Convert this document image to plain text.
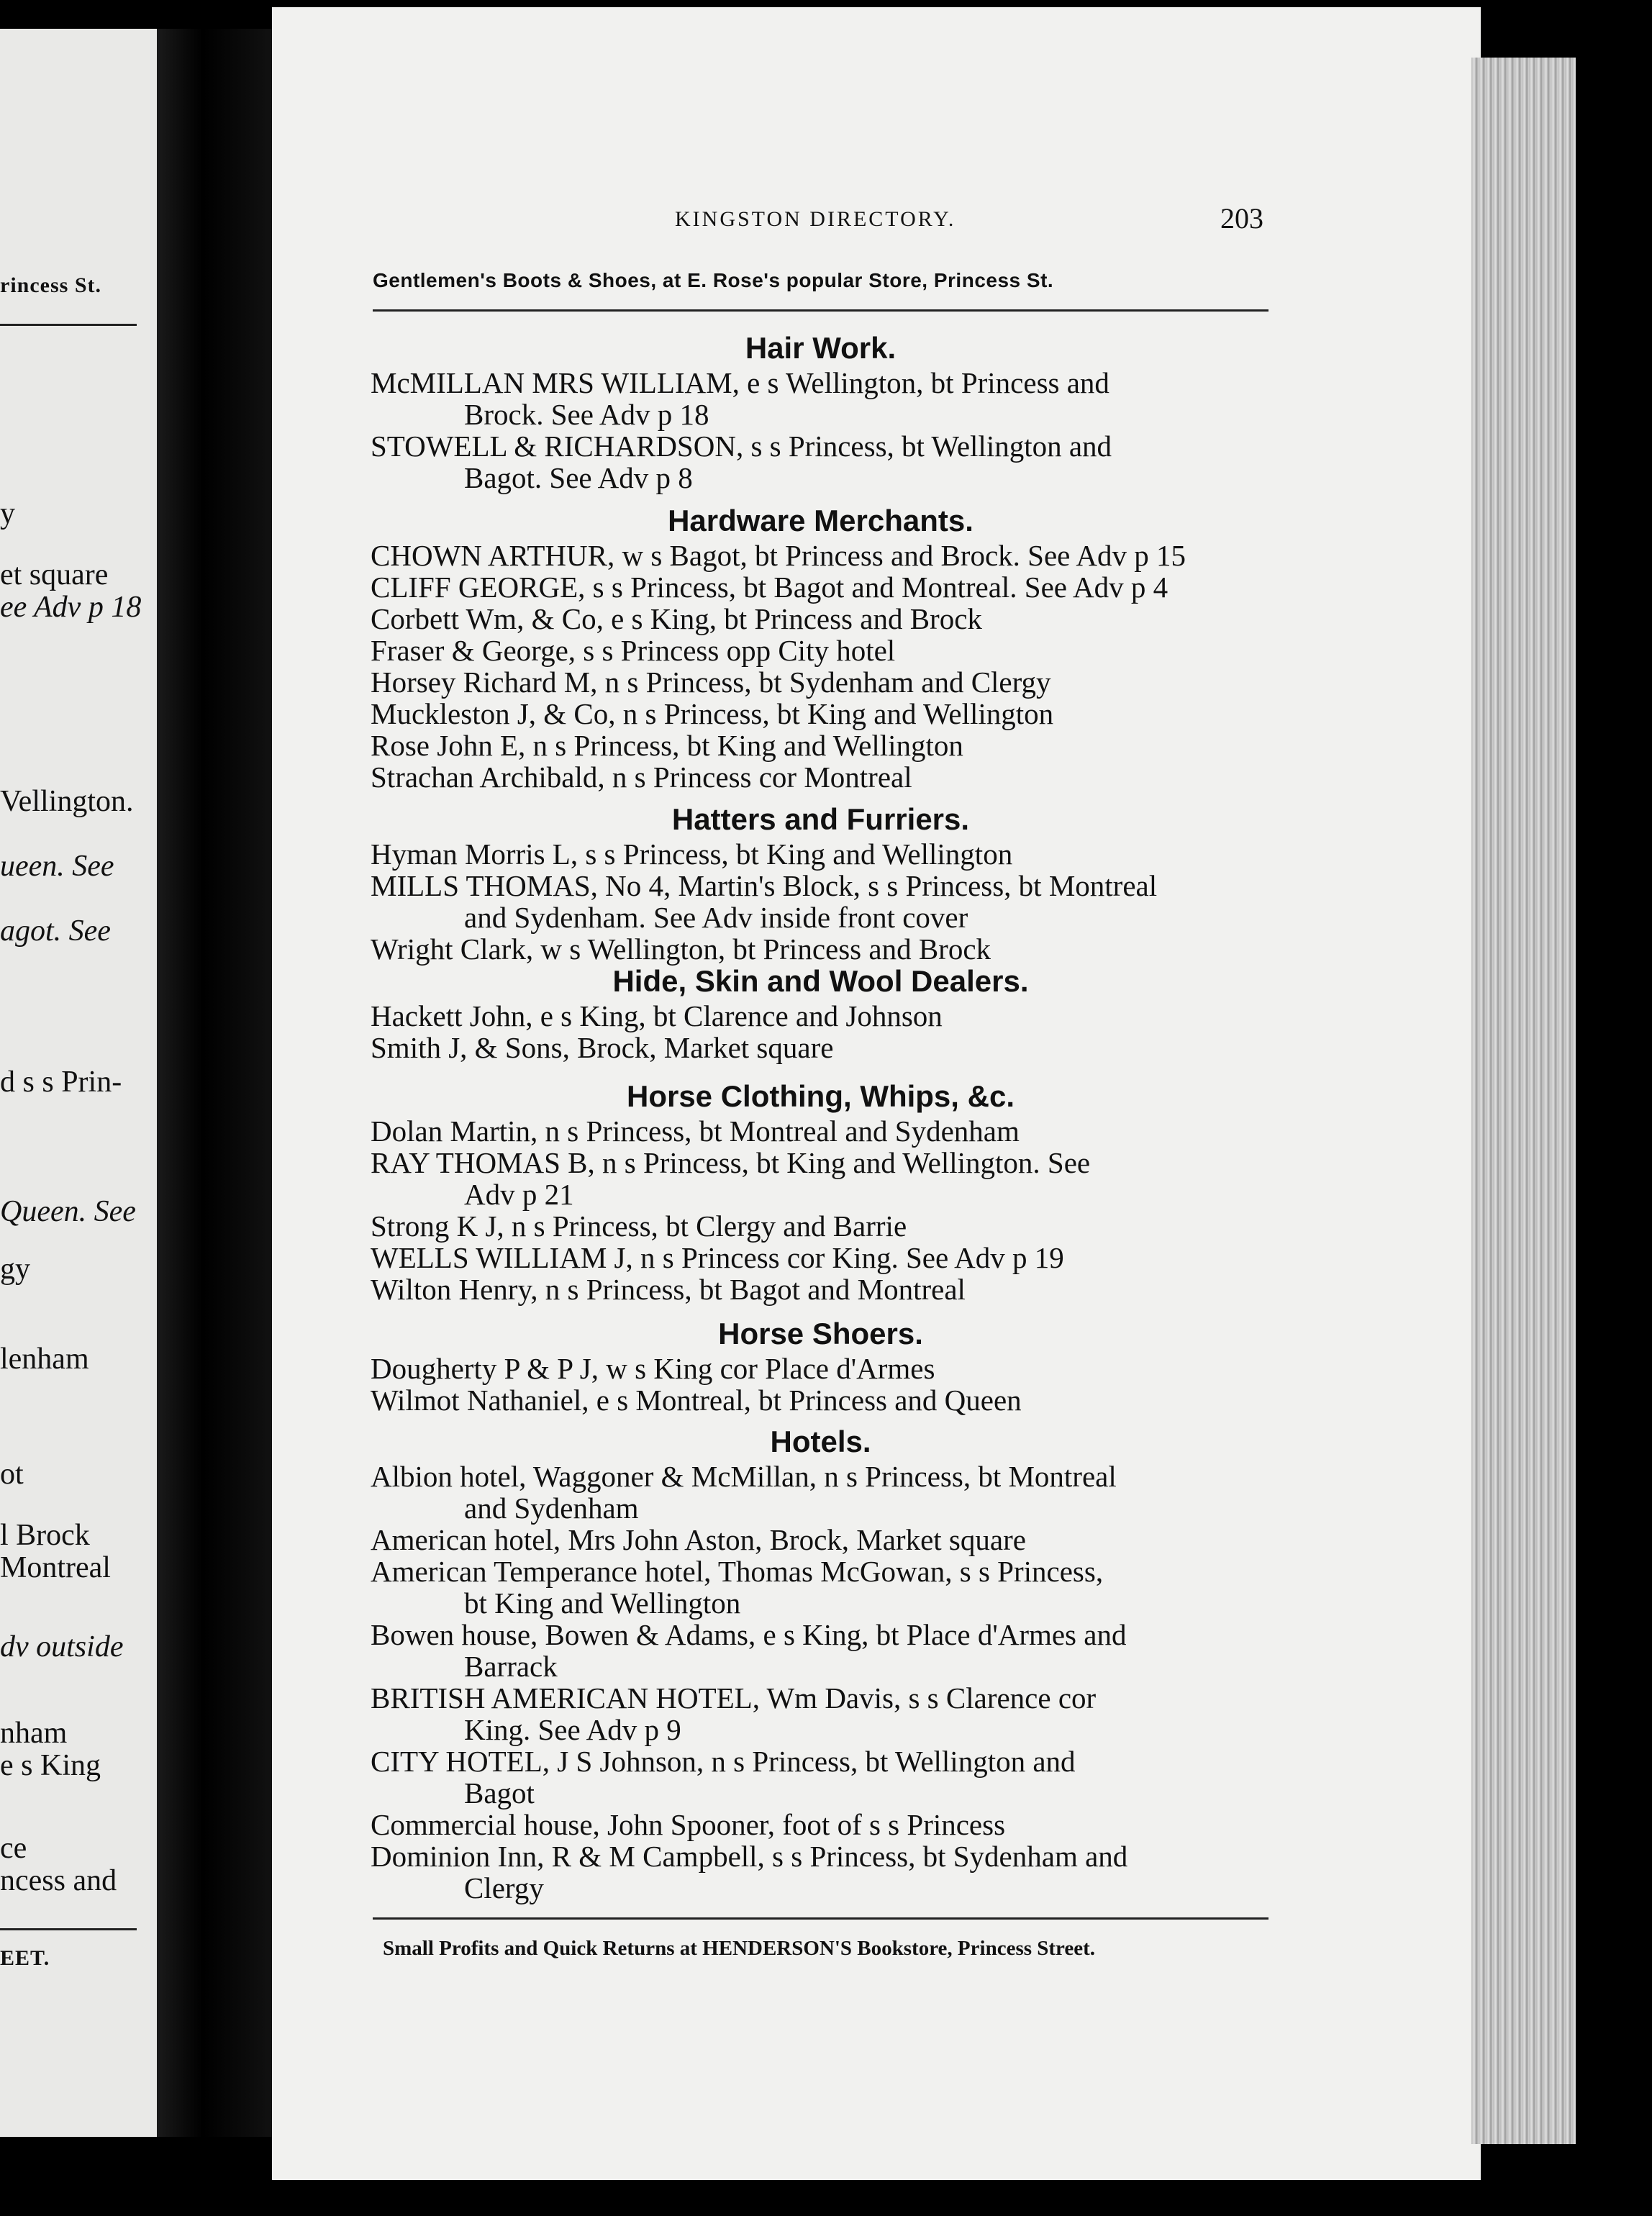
rincess St.
y
et square
ee Adv p 18
Vellington.
ueen. See
agot. See
d s s Prin-
Queen. See
gy
lenham
ot
l Brock
Montreal
dv outside
nham
e s King
ce
ncess and
EET.
KINGSTON DIRECTORY.	203
Gentlemen's Boots & Shoes, at E. Rose's popular Store, Princess St.
Hair Work.
McMILLAN MRS WILLIAM, e s Wellington, bt Princess and
Brock. See Adv p 18
STOWELL & RICHARDSON, s s Princess, bt Wellington and
Bagot. See Adv p 8
Hardware Merchants.
CHOWN ARTHUR, w s Bagot, bt Princess and Brock. See Adv p 15
CLIFF GEORGE, s s Princess, bt Bagot and Montreal. See Adv p 4
Corbett Wm, & Co, e s King, bt Princess and Brock
Fraser & George, s s Princess opp City hotel
Horsey Richard M, n s Princess, bt Sydenham and Clergy
Muckleston J, & Co, n s Princess, bt King and Wellington
Rose John E, n s Princess, bt King and Wellington
Strachan Archibald, n s Princess cor Montreal
Hatters and Furriers.
Hyman Morris L, s s Princess, bt King and Wellington
MILLS THOMAS, No 4, Martin's Block, s s Princess, bt Montreal
and Sydenham. See Adv inside front cover
Wright Clark, w s Wellington, bt Princess and Brock
Hide, Skin and Wool Dealers.
Hackett John, e s King, bt Clarence and Johnson
Smith J, & Sons, Brock, Market square
Horse Clothing, Whips, &c.
Dolan Martin, n s Princess, bt Montreal and Sydenham
RAY THOMAS B, n s Princess, bt King and Wellington. See
Adv p 21
Strong K J, n s Princess, bt Clergy and Barrie
WELLS WILLIAM J, n s Princess cor King. See Adv p 19
Wilton Henry, n s Princess, bt Bagot and Montreal
Horse Shoers.
Dougherty P & P J, w s King cor Place d'Armes
Wilmot Nathaniel, e s Montreal, bt Princess and Queen
Hotels.
Albion hotel, Waggoner & McMillan, n s Princess, bt Montreal
and Sydenham
American hotel, Mrs John Aston, Brock, Market square
American Temperance hotel, Thomas McGowan, s s Princess,
bt King and Wellington
Bowen house, Bowen & Adams, e s King, bt Place d'Armes and
Barrack
BRITISH AMERICAN HOTEL, Wm Davis, s s Clarence cor
King. See Adv p 9
CITY HOTEL, J S Johnson, n s Princess, bt Wellington and
Bagot
Commercial house, John Spooner, foot of s s Princess
Dominion Inn, R & M Campbell, s s Princess, bt Sydenham and
Clergy
Small Profits and Quick Returns at HENDERSON'S Bookstore, Princess Street.
